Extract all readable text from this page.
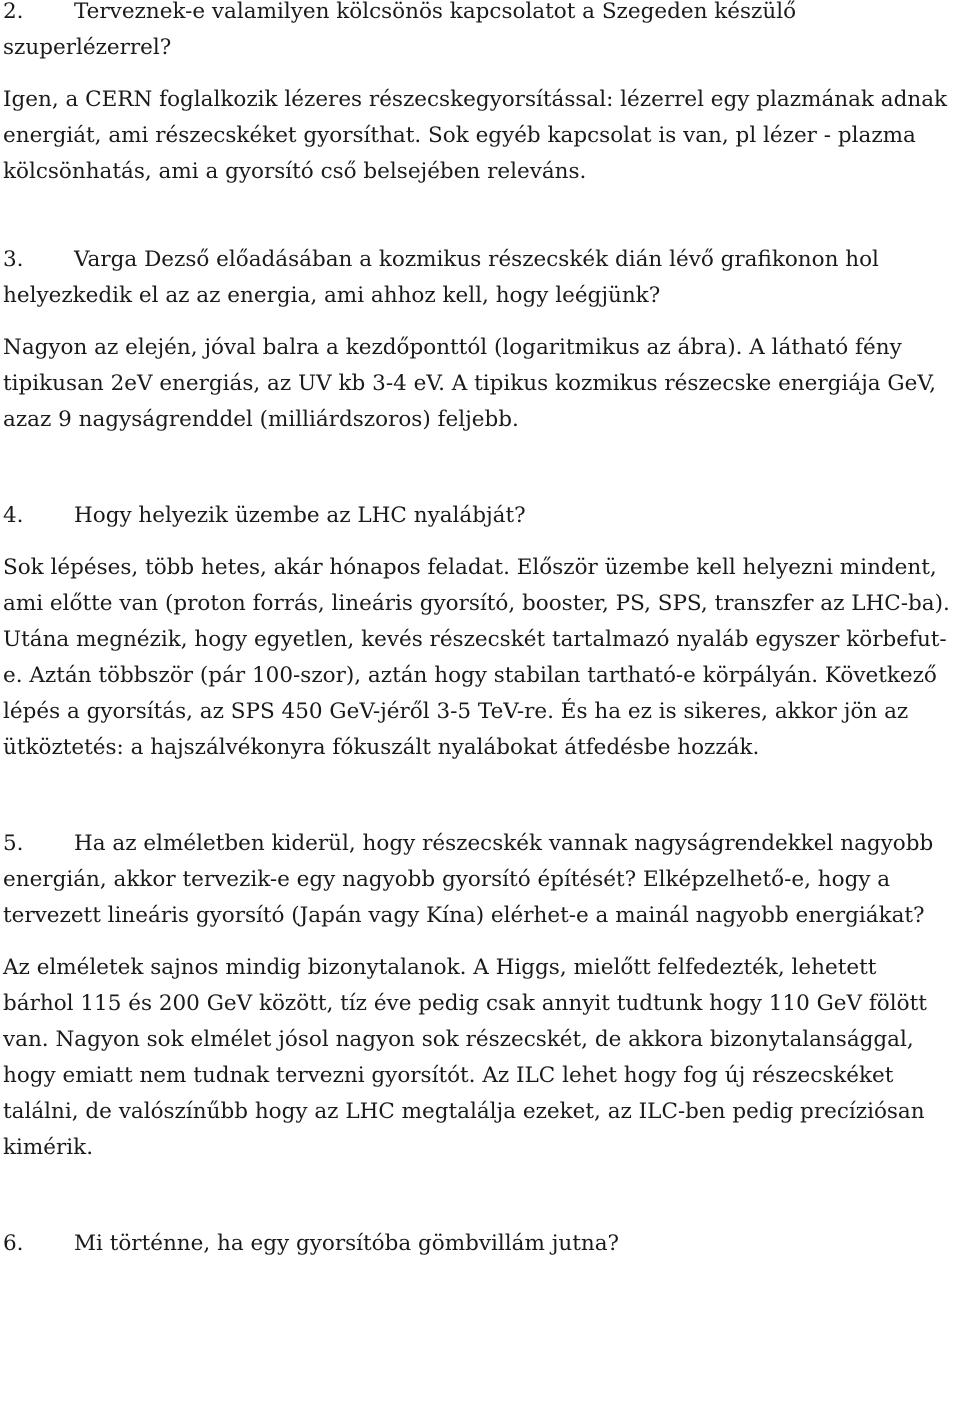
2. Terveznek-e valamilyen kölcsönös kapcsolatot a Szegeden készülő szuperlézerrel?

Igen, a CERN foglalkozik lézeres részecskegyorsítással: lézerrel egy plazmának adnak energiát, ami részecskéket gyorsíthat. Sok egyéb kapcsolat is van, pl lézer - plazma kölcsönhatás, ami a gyorsító cső belsejében releváns.

3. Varga Dezső előadásában a kozmikus részecskék dián lévő grafikonon hol helyezkedik el az az energia, ami ahhoz kell, hogy leégjünk?

Nagyon az elején, jóval balra a kezdőponttól (logaritmikus az ábra). A látható fény tipikusan 2eV energiás, az UV kb 3-4 eV. A tipikus kozmikus részecske energiája GeV, azaz 9 nagyságrenddel (milliárdszoros) feljebb.

4. Hogy helyezik üzembe az LHC nyalábját?

Sok lépéses, több hetes, akár hónapos feladat. Először üzembe kell helyezni mindent, ami előtte van (proton forrás, lineáris gyorsító, booster, PS, SPS, transzfer az LHC-ba). Utána megnézik, hogy egyetlen, kevés részecskét tartalmazó nyaláb egyszer körbefut-e. Aztán többször (pár 100-szor), aztán hogy stabilan tartható-e körpályán. Következő lépés a gyorsítás, az SPS 450 GeV-jéről 3-5 TeV-re. És ha ez is sikeres, akkor jön az ütköztetés: a hajszálvékonyra fókuszált nyalábokat átfedésbe hozzák.

5. Ha az elméletben kiderül, hogy részecskék vannak nagyságrendekkel nagyobb energián, akkor tervezik-e egy nagyobb gyorsító építését? Elképzelhető-e, hogy a tervezett lineáris gyorsító (Japán vagy Kína) elérhet-e a mainál nagyobb energiákat?

Az elméletek sajnos mindig bizonytalanok. A Higgs, mielőtt felfedezték, lehetett bárhol 115 és 200 GeV között, tíz éve pedig csak annyit tudtunk hogy 110 GeV fölött van. Nagyon sok elmélet jósol nagyon sok részecskét, de akkora bizonytalansággal, hogy emiatt nem tudnak tervezni gyorsítót. Az ILC lehet hogy fog új részecskéket találni, de valószínűbb hogy az LHC megtalálja ezeket, az ILC-ben pedig precíziósan kimérik.

6. Mi történne, ha egy gyorsítóba gömbvillám jutna?
